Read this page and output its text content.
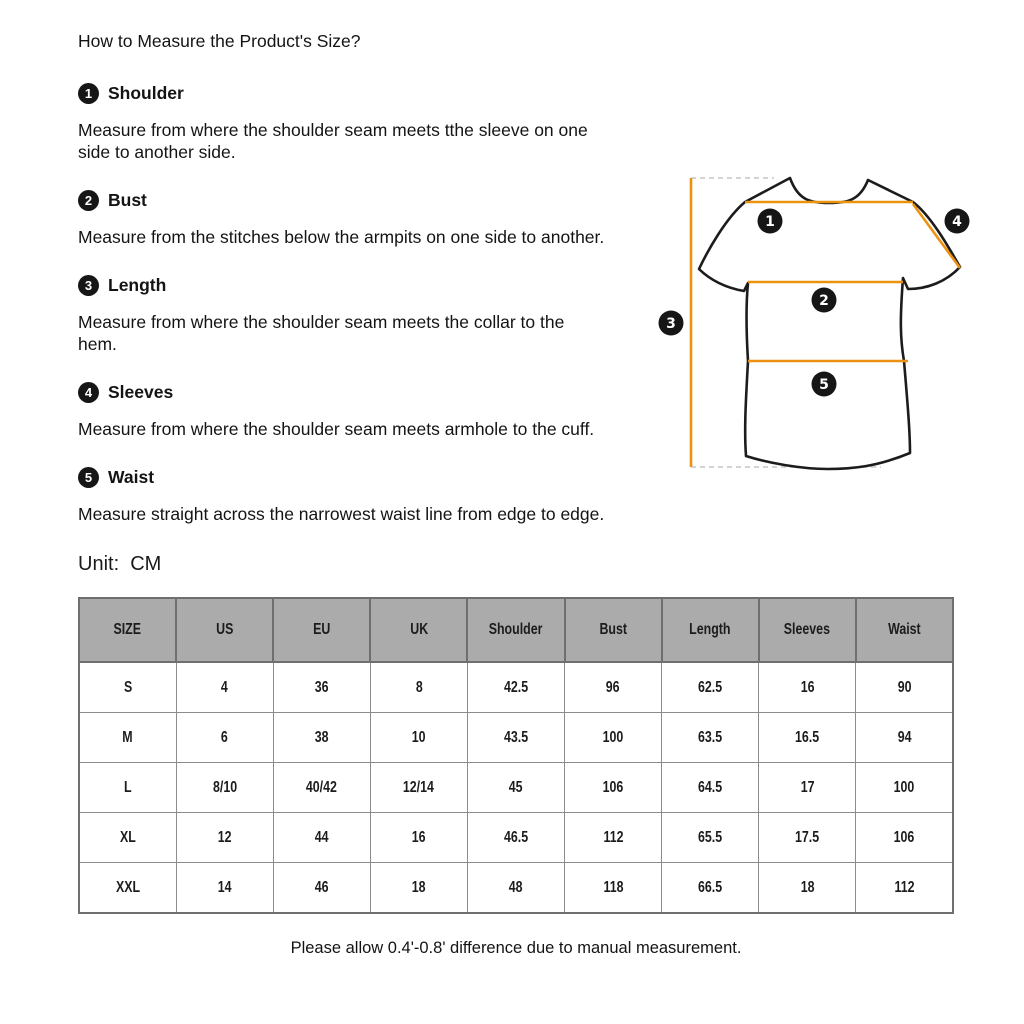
How to Measure the Product's Size?
1 Shoulder

Measure from where the shoulder seam meets tthe sleeve on one side to another side.

2 Bust

Measure from the stitches below the armpits on one side to another.

3 Length

Measure from where the shoulder seam meets the collar to the hem.

4 Sleeves

Measure from where the shoulder seam meets armhole to the cuff.

5 Waist

Measure straight across the narrowest waist line from edge to edge.

Unit:  CM
SIZE	US	EU	UK	Shoulder	Bust	Length	Sleeves	Waist
S	4	36	8	42.5	96	62.5	16	90
M	6	38	10	43.5	100	63.5	16.5	94
L	8/10	40/42	12/14	45	106	64.5	17	100
XL	12	44	16	46.5	112	65.5	17.5	106
XXL	14	46	18	48	118	66.5	18	112

Please allow 0.4'-0.8' difference due to manual measurement.

1
2
3
4
5
